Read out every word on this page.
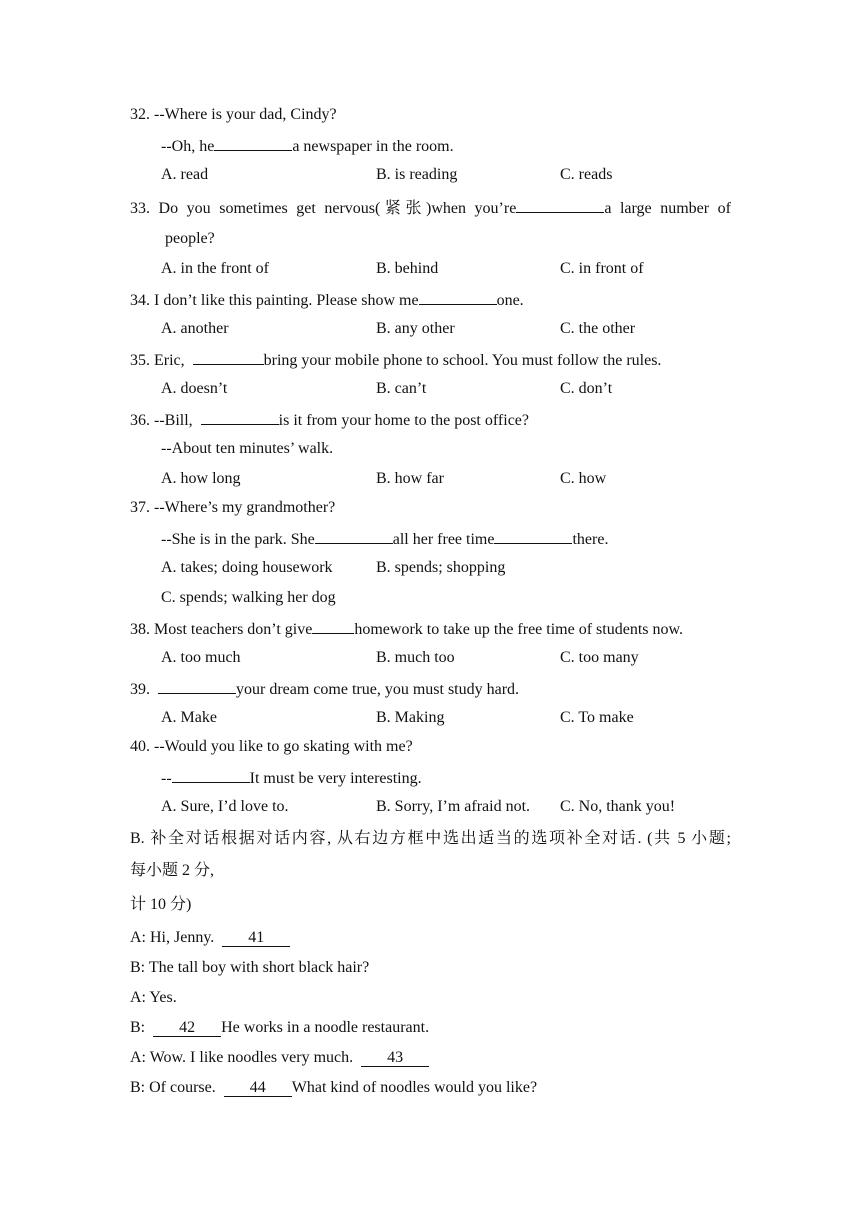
32. --Where is your dad, Cindy?
--Oh, he	a newspaper in the room.
A. read	B. is reading	C. reads
33. Do you sometimes get nervous(紧张)when you’re	a large number of
people?
A. in the front of	B. behind	C. in front of
34. I don’t like this painting. Please show me	one.
A. another	B. any other	C. the other
35. Eric,	bring your mobile phone to school. You must follow the rules.
A. doesn’t	B. can’t	C. don’t
36. --Bill,	is it from your home to the post office?
--About ten minutes’ walk.
A. how long	B. how far	C. how
37. --Where’s my grandmother?
--She is in the park. She	all her free time	there.
A. takes; doing housework	B. spends; shopping
C. spends; walking her dog
38. Most teachers don’t give	homework to take up the free time of students now.
A. too much	B. much too	C. too many
39.	your dream come true, you must study hard.
A. Make	B. Making	C. To make
40. --Would you like to go skating with me?
--	It must be very interesting.
A. Sure, I’d love to.	B. Sorry, I’m afraid not. C. No, thank you!
B. 补全对话根据对话内容, 从右边方框中选出适当的选项补全对话. (共 5 小题;
每小题 2 分,
计 10 分)
A: Hi, Jenny.  41
B: The tall boy with short black hair?
A: Yes.
B:  42 He works in a noodle restaurant.
A: Wow. I like noodles very much.  43
B: Of course.  44 What kind of noodles would you like?
